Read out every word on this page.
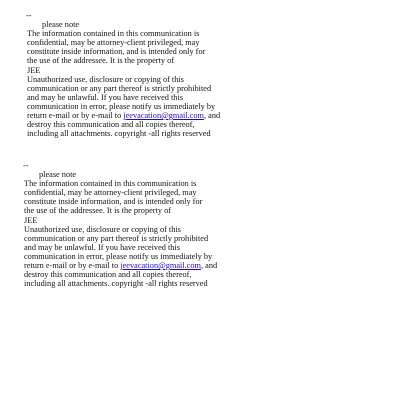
--
please note
The information contained in this communication is
confidential, may be attorney-client privileged, may
constitute inside information, and is intended only for
the use of the addressee. It is the property of
JEE
Unauthorized use, disclosure or copying of this
communication or any part thereof is strictly prohibited
and may be unlawful. If you have received this
communication in error, please notify us immediately by
return e-mail or by e-mail to jeevacation@gmail.com, and
destroy this communication and all copies thereof,
including all attachments. copyright -all rights reserved
--
please note
The information contained in this communication is
confidential, may be attorney-client privileged, may
constitute inside information, and is intended only for
the use of the addressee. It is the property of
JEE
Unauthorized use, disclosure or copying of this
communication or any part thereof is strictly prohibited
and may be unlawful. If you have received this
communication in error, please notify us immediately by
return e-mail or by e-mail to jeevacation@gmail.com, and
destroy this communication and all copies thereof,
including all attachments. copyright -all rights reserved
